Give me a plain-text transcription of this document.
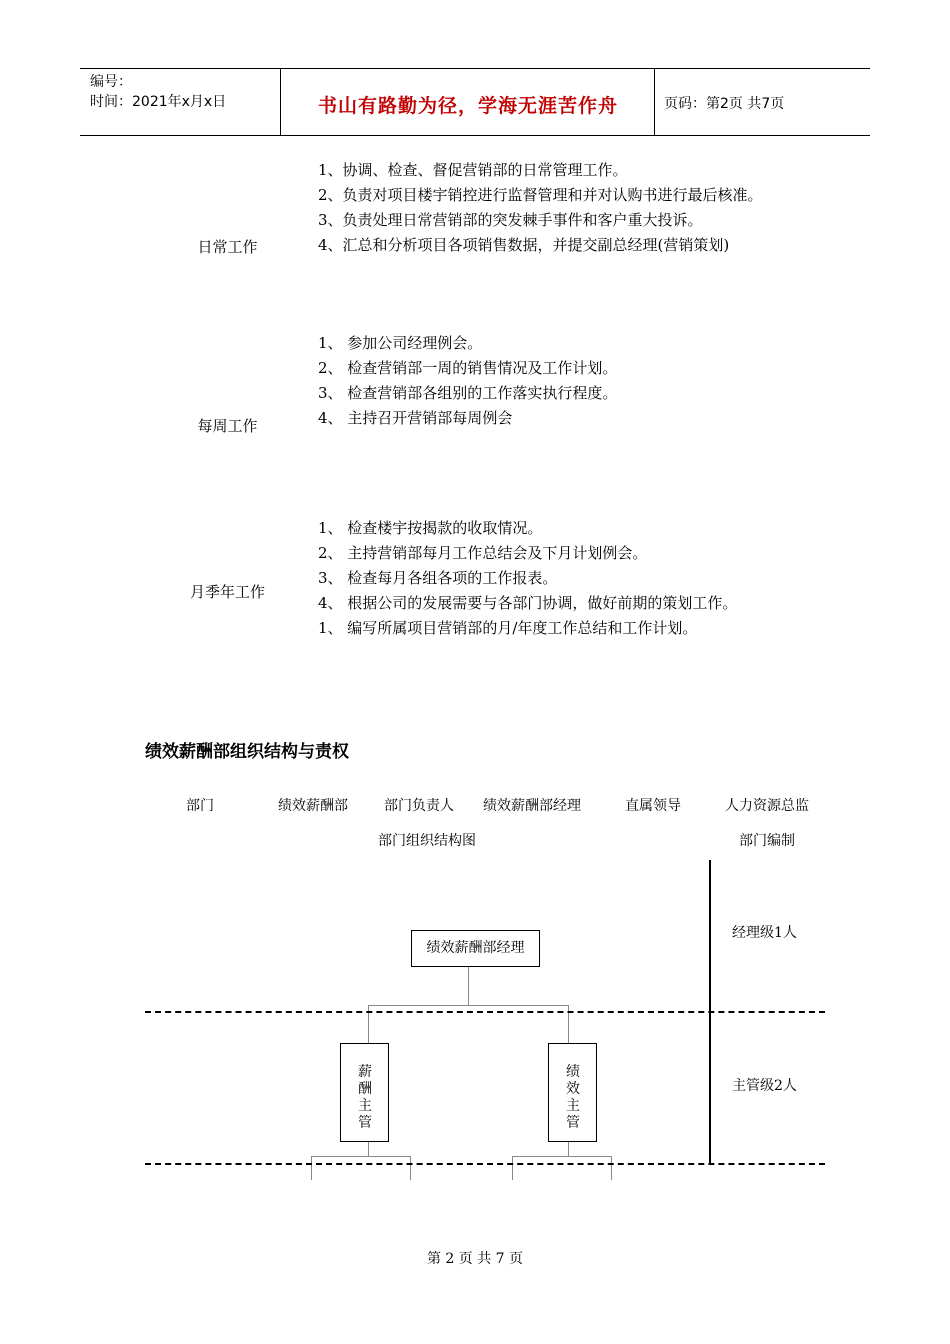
编号：
时间：2021年x月x日	书山有路勤为径，学海无涯苦作舟	页码：第2页 共7页
日常工作
1、协调、检查、督促营销部的日常管理工作。
2、负责对项目楼宇销控进行监督管理和并对认购书进行最后核准。
3、负责处理日常营销部的突发棘手事件和客户重大投诉。
4、汇总和分析项目各项销售数据，并提交副总经理(营销策划)
每周工作
1、 参加公司经理例会。
2、 检查营销部一周的销售情况及工作计划。
3、 检查营销部各组别的工作落实执行程度。
4、 主持召开营销部每周例会
月季年工作
1、 检查楼宇按揭款的收取情况。
2、 主持营销部每月工作总结会及下月计划例会。
3、 检查每月各组各项的工作报表。
4、 根据公司的发展需要与各部门协调，做好前期的策划工作。
1、 编写所属项目营销部的月/年度工作总结和工作计划。
绩效薪酬部组织结构与责权
部门	绩效薪酬部	部门负责人 绩效薪酬部经理	直属领导	人力资源总监
部门组织结构图	部门编制
绩效薪酬部经理
薪酬主管
绩效主管
经理级1人
主管级2人
第 2 页 共 7 页
